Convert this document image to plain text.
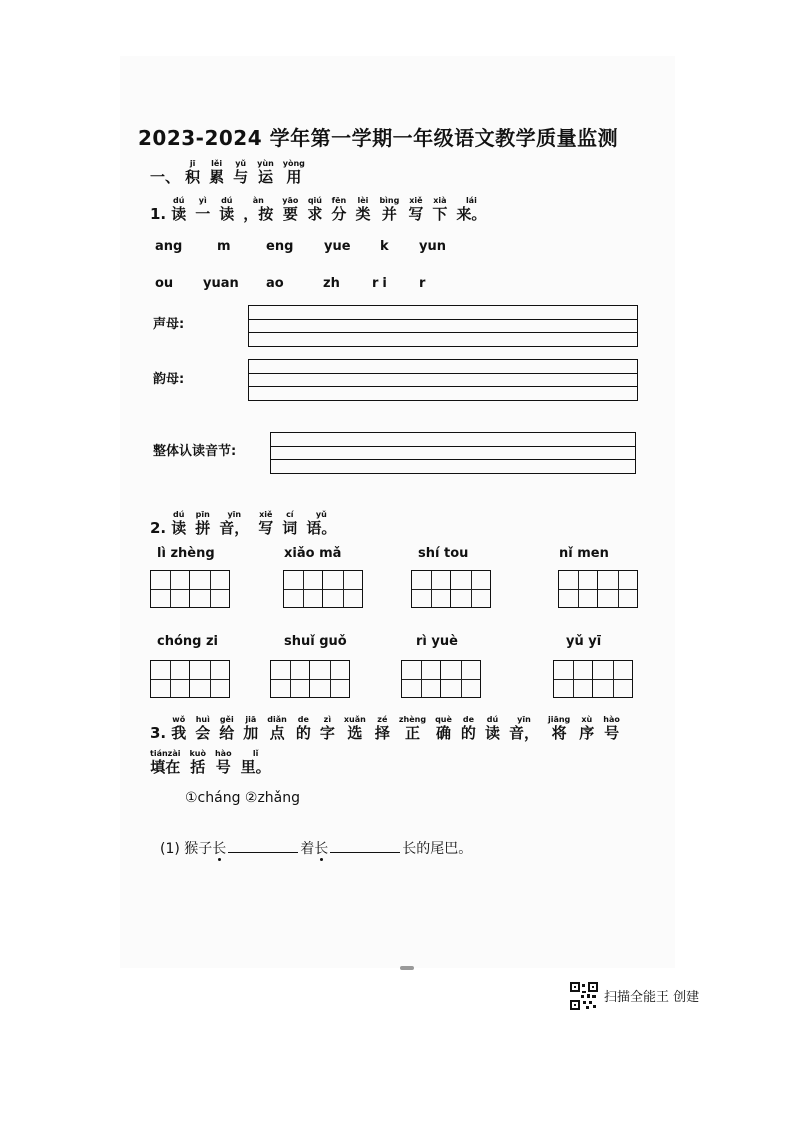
2023-2024 学年第一学期一年级语文教学质量监测
一、
jī
积
lěi
累
yǔ
与
yùn
运
yòng
用
1.
dú
读
yì
一
dú
读
àn
，按
yāo
要
qiú
求
fēn
分
lèi
类
bìng
并
xiě
写
xià
下
lái
来。
ang	m	eng yue k yun
ou yuan ao	zh ri r
声母:
韵母:
整体认读音节:
2.
dú
读
pīn
拼
yīn
音，
xiě
写
cí
词
yǔ
语。
lì zhèng	xiǎo mǎ	shí tou	nǐ men
chóng zi	shuǐ guǒ	rì yuè	yǔ yī
3.
wǒ
我
huì
会
gěi
给
jiā
加
diǎn
点
de
的
zì
字
xuǎn
选
zé
择
zhèng
正
què
确
de
的
dú
读
yīn
音，
jiāng
将
xù
序
hào
号
tiánzài
填在
kuò
括
hào
号
lǐ
里。
①cháng ②zhǎng
(1) 猴子长	着长	长的尾巴。
扫描全能王 创建
